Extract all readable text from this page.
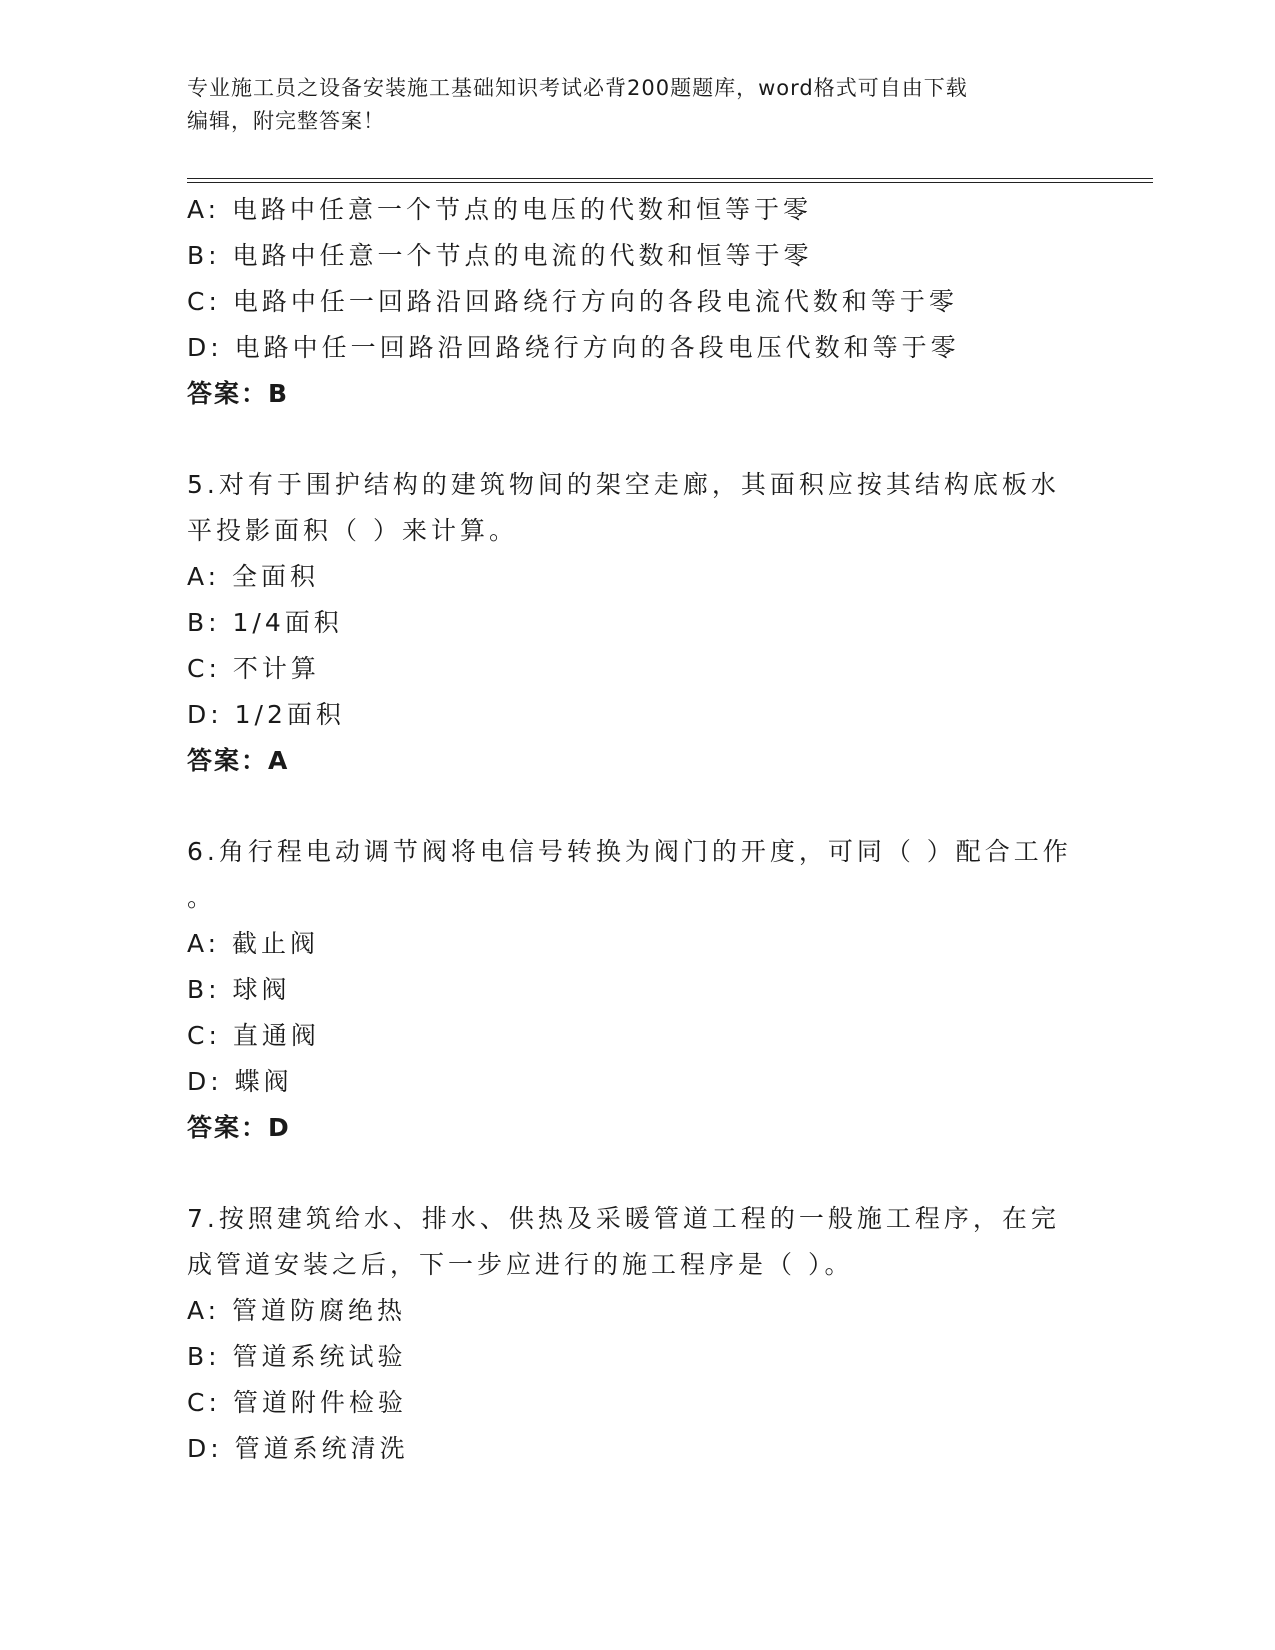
专业施工员之设备安装施工基础知识考试必背200题题库，word格式可自由下载
编辑，附完整答案！
A: 电路中任意一个节点的电压的代数和恒等于零
B: 电路中任意一个节点的电流的代数和恒等于零
C: 电路中任一回路沿回路绕行方向的各段电流代数和等于零
D: 电路中任一回路沿回路绕行方向的各段电压代数和等于零
答案：B
5.对有于围护结构的建筑物间的架空走廊，其面积应按其结构底板水
平投影面积（ ）来计算。
A: 全面积
B: 1/4面积
C: 不计算
D: 1/2面积
答案：A
6.角行程电动调节阀将电信号转换为阀门的开度，可同（ ）配合工作
。
A: 截止阀
B: 球阀
C: 直通阀
D: 蝶阀
答案：D
7.按照建筑给水、排水、供热及采暖管道工程的一般施工程序，在完
成管道安装之后，下一步应进行的施工程序是（ ）。
A: 管道防腐绝热
B: 管道系统试验
C: 管道附件检验
D: 管道系统清洗
